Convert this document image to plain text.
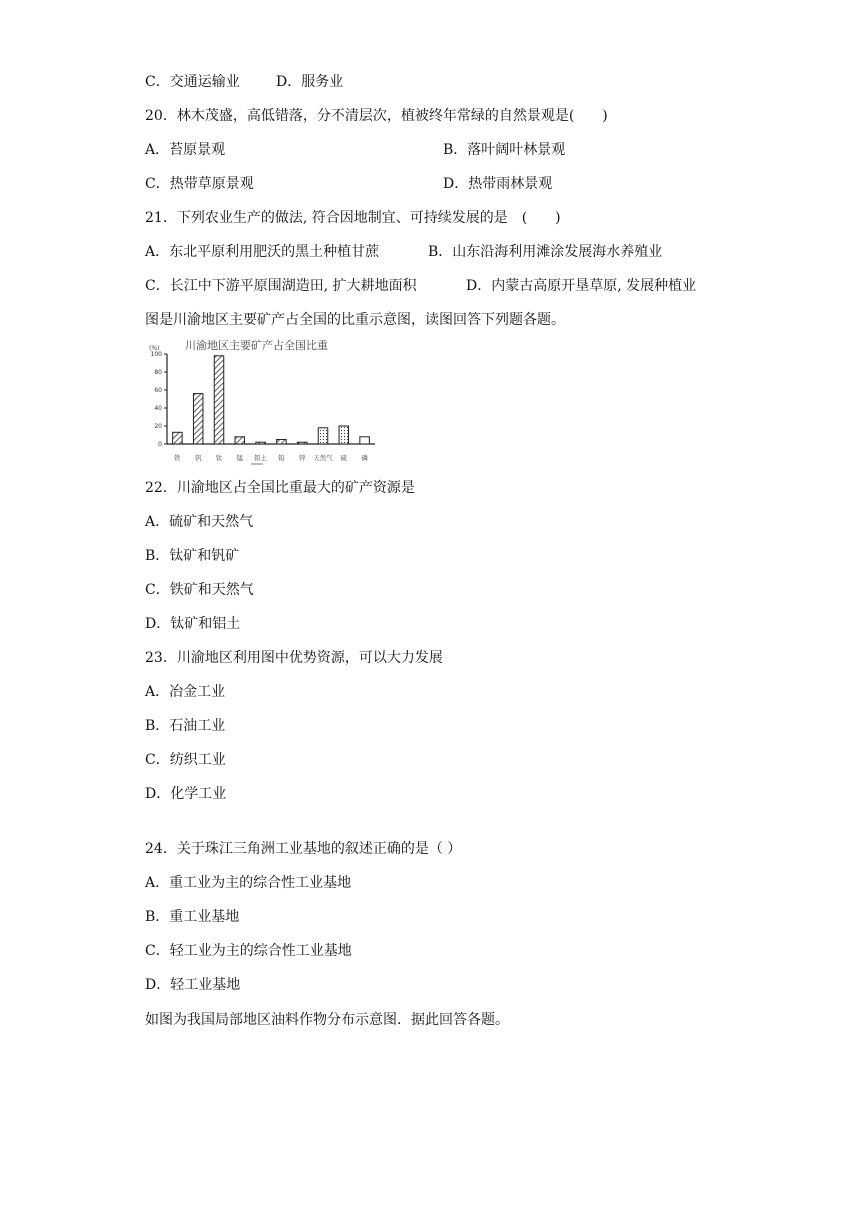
C．交通运输业	D．服务业
20．林木茂盛，高低错落，分不清层次，植被终年常绿的自然景观是(　　)
A．苔原景观	B．落叶阔叶林景观
C．热带草原景观	D．热带雨林景观
21．下列农业生产的做法, 符合因地制宜、可持续发展的是　(　　)
A．东北平原利用肥沃的黑土种植甘蔗	B．山东沿海利用滩涂发展海水养殖业
C．长江中下游平原围湖造田, 扩大耕地面积	D．内蒙古高原开垦草原, 发展种植业
图是川渝地区主要矿产占全国的比重示意图，读图回答下列题各题。
川渝地区主要矿产占全国比重
(%)
0
20
40
60
80
100
铁 钒 钛 锰 铝土 铅 锌 天然气 硫 磷
22．川渝地区占全国比重最大的矿产资源是
A．硫矿和天然气
B．钛矿和钒矿
C．铁矿和天然气
D．钛矿和铝土
23．川渝地区利用图中优势资源，可以大力发展
A．冶金工业
B．石油工业
C．纺织工业
D．化学工业
24．关于珠江三角洲工业基地的叙述正确的是（ ）
A．重工业为主的综合性工业基地
B．重工业基地
C．轻工业为主的综合性工业基地
D．轻工业基地
如图为我国局部地区油料作物分布示意图．据此回答各题。
